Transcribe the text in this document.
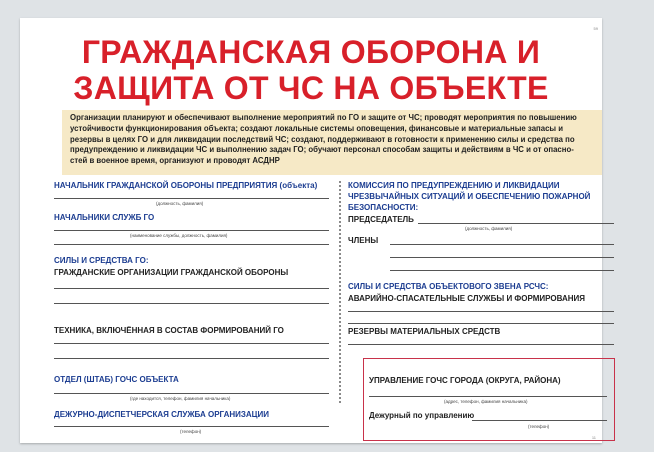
59
ГРАЖДАНСКАЯ ОБОРОНА И
ЗАЩИТА ОТ ЧС НА ОБЪЕКТЕ
Организации планируют и обеспечивают выполнение мероприятий по ГО и защите от ЧС; проводят мероприятия по повышению
устойчивости функционирования объекта; создают локальные системы оповещения, финансовые и материальные запасы и
резервы в целях ГО и для ликвидации последствий ЧС; создают, поддерживают в готовности к применению силы и средства по
предупреждению и ликвидации ЧС и выполнению задач ГО; обучают персонал способам защиты и действиям в ЧС и от опасно-
стей в военное время, организуют и проводят АСДНР
НАЧАЛЬНИК ГРАЖДАНСКОЙ ОБОРОНЫ ПРЕДПРИЯТИЯ (объекта)
(должность, фамилия)
НАЧАЛЬНИКИ СЛУЖБ ГО
(наименование службы, должность, фамилия)
СИЛЫ И СРЕДСТВА ГО:
ГРАЖДАНСКИЕ ОРГАНИЗАЦИИ ГРАЖДАНСКОЙ ОБОРОНЫ
ТЕХНИКА, ВКЛЮЧЁННАЯ В СОСТАВ ФОРМИРОВАНИЙ ГО
ОТДЕЛ (ШТАБ) ГОЧС ОБЪЕКТА
(где находится, телефон, фамилия начальника)
ДЕЖУРНО-ДИСПЕТЧЕРСКАЯ СЛУЖБА ОРГАНИЗАЦИИ
(телефон)
КОМИССИЯ ПО ПРЕДУПРЕЖДЕНИЮ И ЛИКВИДАЦИИ
ЧРЕЗВЫЧАЙНЫХ СИТУАЦИЙ И ОБЕСПЕЧЕНИЮ ПОЖАРНОЙ
БЕЗОПАСНОСТИ:
ПРЕДСЕДАТЕЛЬ
(должность, фамилия)
ЧЛЕНЫ
СИЛЫ И СРЕДСТВА ОБЪЕКТОВОГО ЗВЕНА РСЧС:
АВАРИЙНО-СПАСАТЕЛЬНЫЕ СЛУЖБЫ И ФОРМИРОВАНИЯ
РЕЗЕРВЫ МАТЕРИАЛЬНЫХ СРЕДСТВ
УПРАВЛЕНИЕ ГОЧС ГОРОДА (ОКРУГА, РАЙОНА)
(адрес, телефон, фамилия начальника)
Дежурный по управлению
(телефон)
11
